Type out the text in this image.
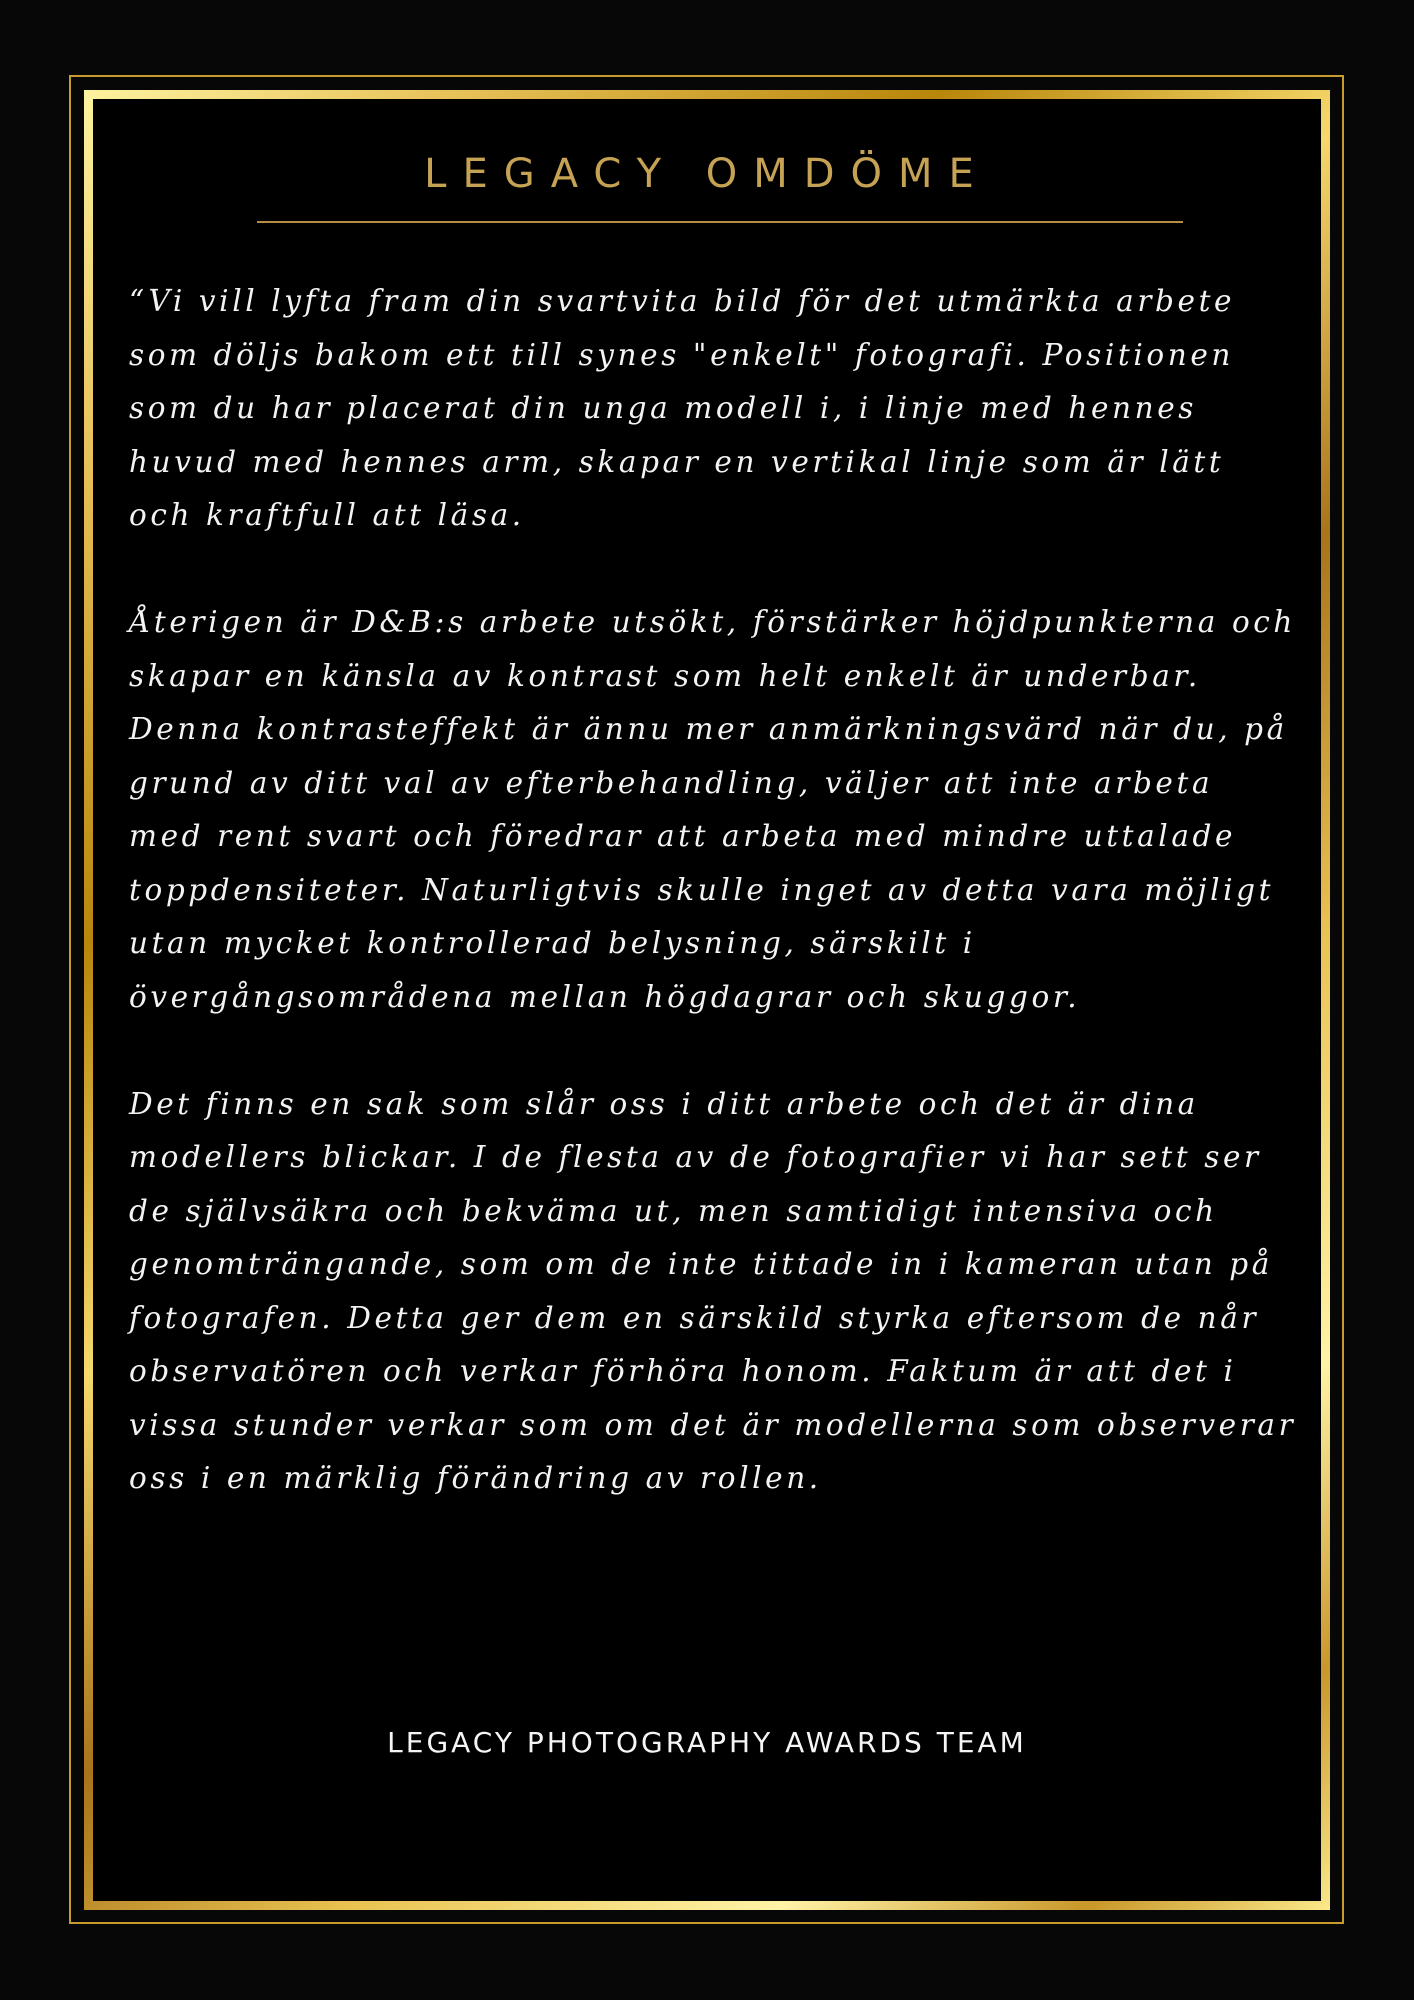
LEGACY OMDÖME

“Vi vill lyfta fram din svartvita bild för det utmärkta arbete som döljs bakom ett till synes "enkelt" fotografi. Positionen som du har placerat din unga modell i, i linje med hennes huvud med hennes arm, skapar en vertikal linje som är lätt och kraftfull att läsa.

Återigen är D&B:s arbete utsökt, förstärker höjdpunkterna och skapar en känsla av kontrast som helt enkelt är underbar. Denna kontrasteffekt är ännu mer anmärkningsvärd när du, på grund av ditt val av efterbehandling, väljer att inte arbeta med rent svart och föredrar att arbeta med mindre uttalade toppdensiteter. Naturligtvis skulle inget av detta vara möjligt utan mycket kontrollerad belysning, särskilt i övergångsområdena mellan högdagrar och skuggor.

Det finns en sak som slår oss i ditt arbete och det är dina modellers blickar. I de flesta av de fotografier vi har sett ser de självsäkra och bekväma ut, men samtidigt intensiva och genomträngande, som om de inte tittade in i kameran utan på fotografen. Detta ger dem en särskild styrka eftersom de når observatören och verkar förhöra honom. Faktum är att det i vissa stunder verkar som om det är modellerna som observerar oss i en märklig förändring av rollen.

LEGACY PHOTOGRAPHY AWARDS TEAM
